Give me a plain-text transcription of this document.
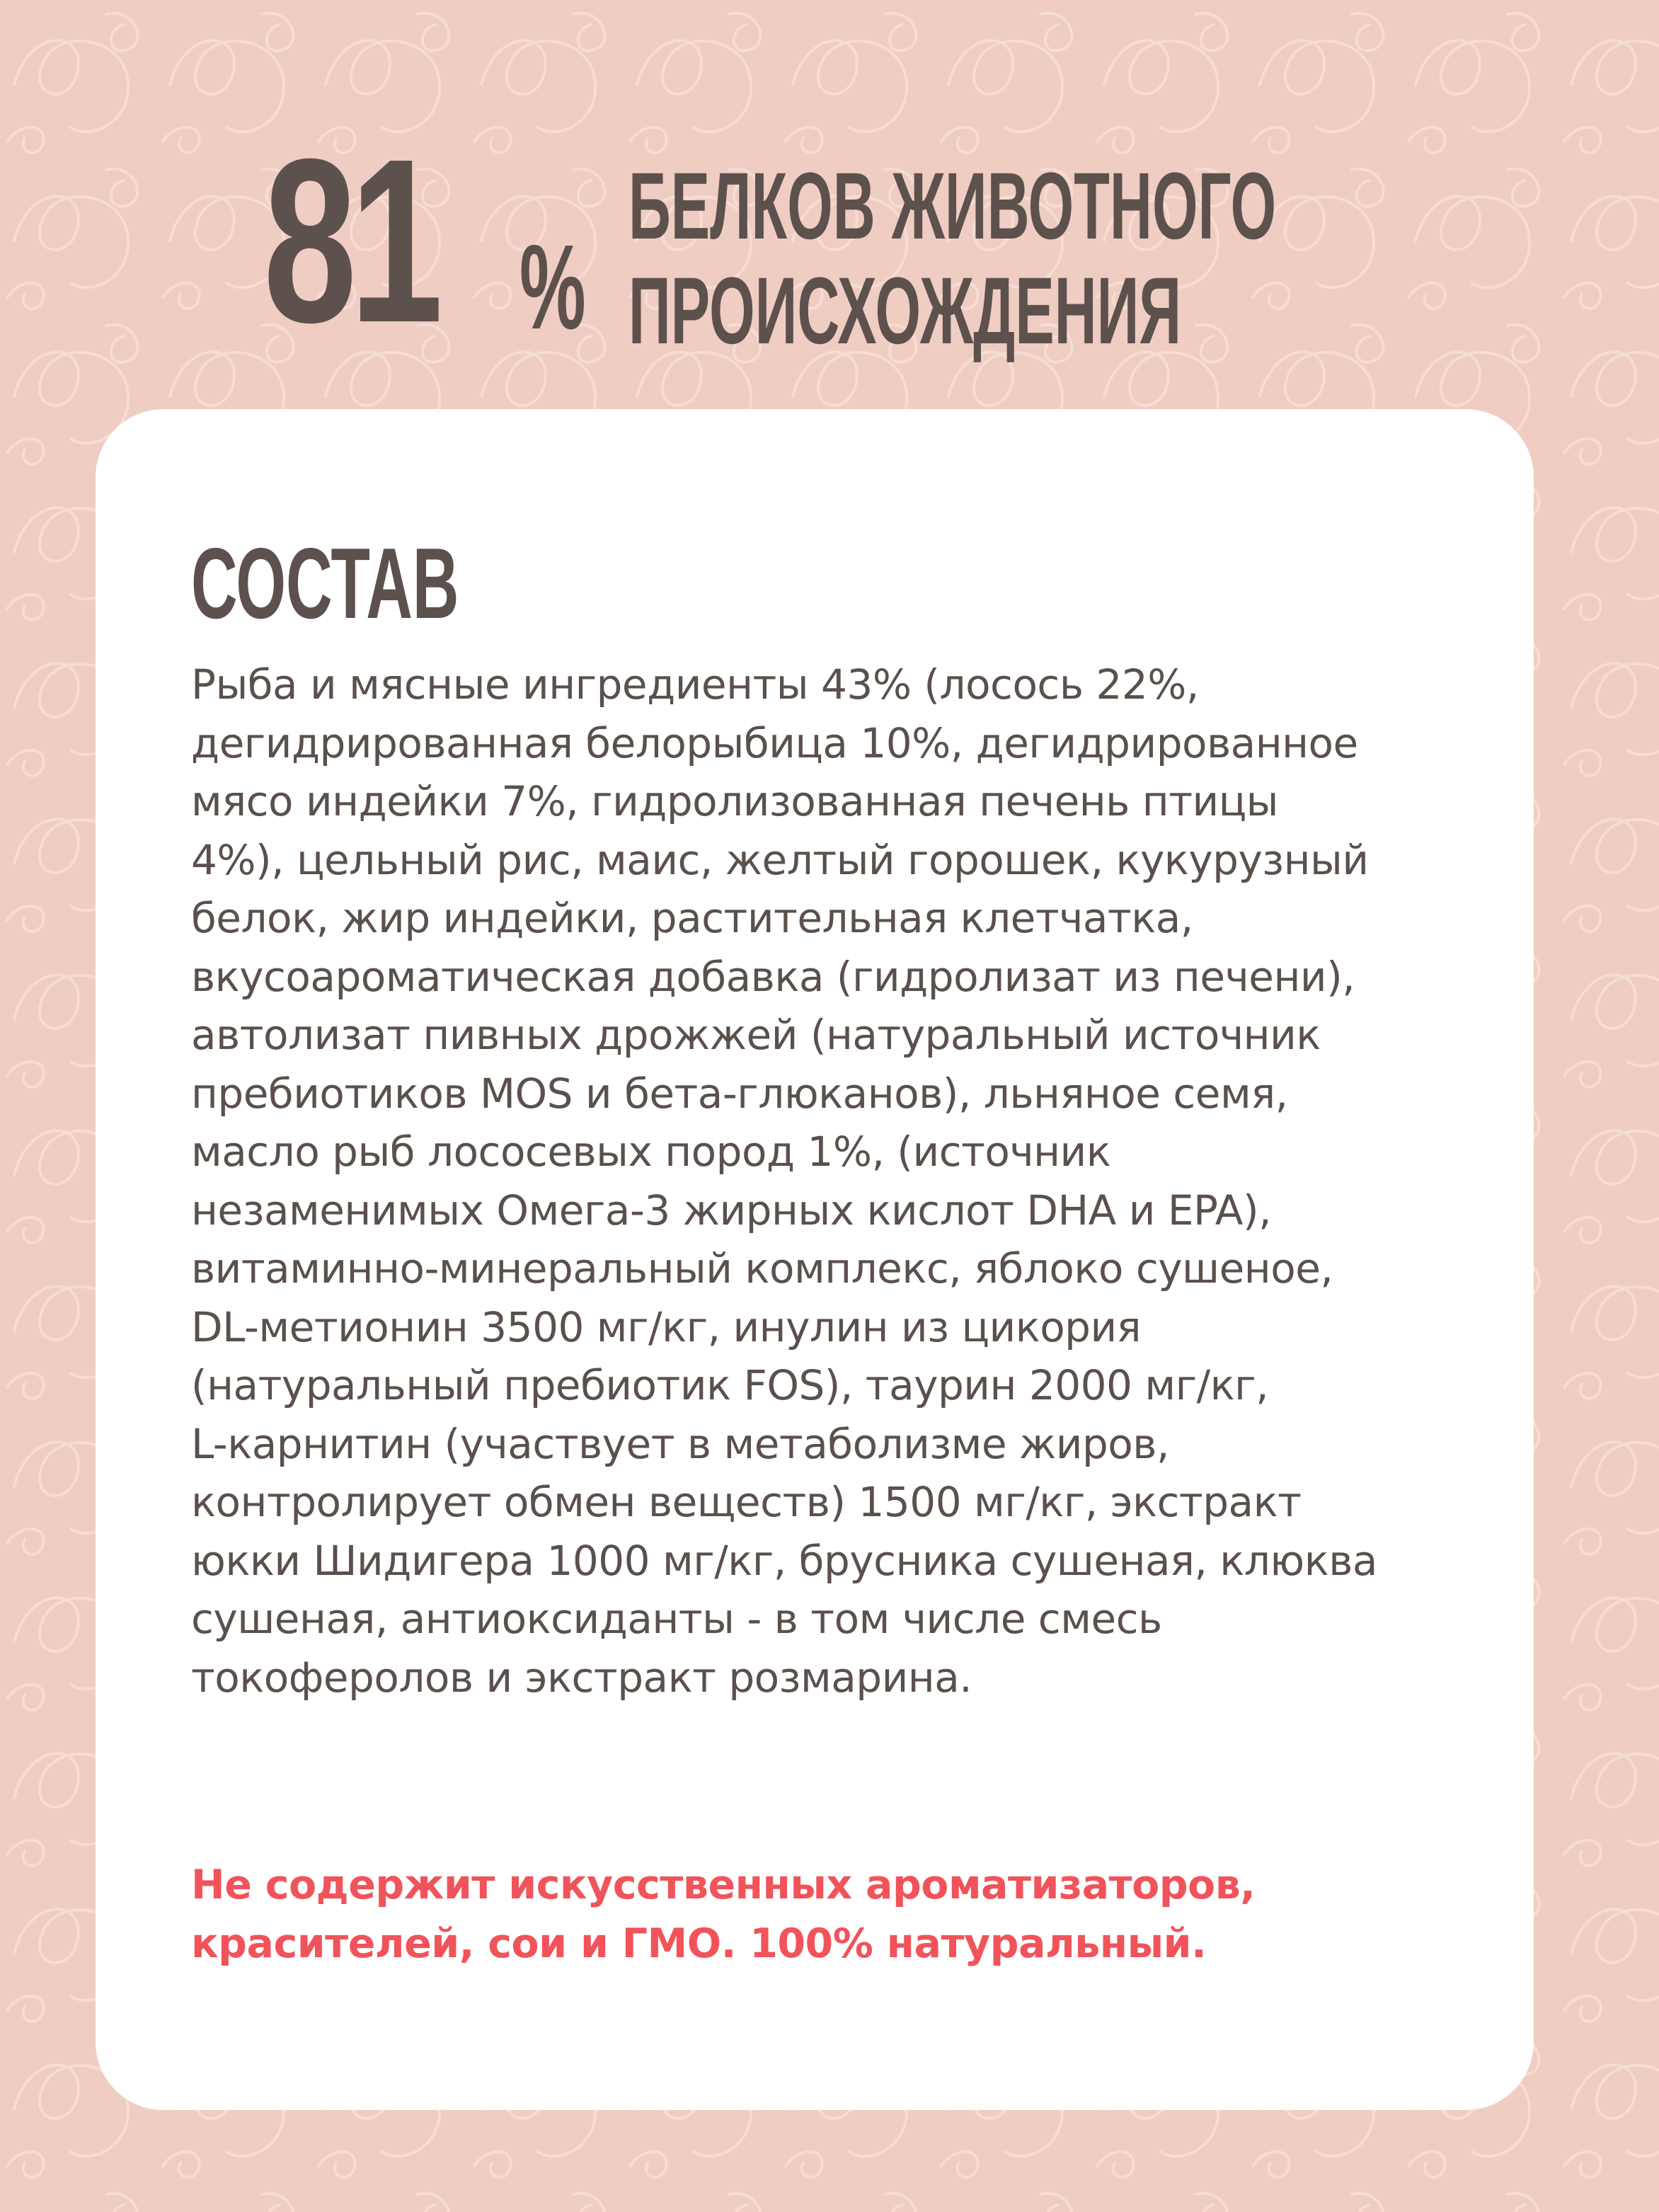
81 %
БЕЛКОВ ЖИВОТНОГО
ПРОИСХОЖДЕНИЯ
СОСТАВ
Рыба и мясные ингредиенты 43% (лосось 22%,
дегидрированная белорыбица 10%, дегидрированное
мясо индейки 7%, гидролизованная печень птицы
4%), цельный рис, маис, желтый горошек, кукурузный
белок, жир индейки, растительная клетчатка,
вкусоароматическая добавка (гидролизат из печени),
автолизат пивных дрожжей (натуральный источник
пребиотиков MOS и бета-глюканов), льняное семя,
масло рыб лососевых пород 1%, (источник
незаменимых Омега-3 жирных кислот DHA и EPA),
витаминно-минеральный комплекс, яблоко сушеное,
DL-метионин 3500 мг/кг, инулин из цикория
(натуральный пребиотик FOS), таурин 2000 мг/кг,
L-карнитин (участвует в метаболизме жиров,
контролирует обмен веществ) 1500 мг/кг, экстракт
юкки Шидигера 1000 мг/кг, брусника сушеная, клюква
сушеная, антиоксиданты - в том числе смесь
токоферолов и экстракт розмарина.
Не содержит искусственных ароматизаторов,
красителей, сои и ГМО. 100% натуральный.
